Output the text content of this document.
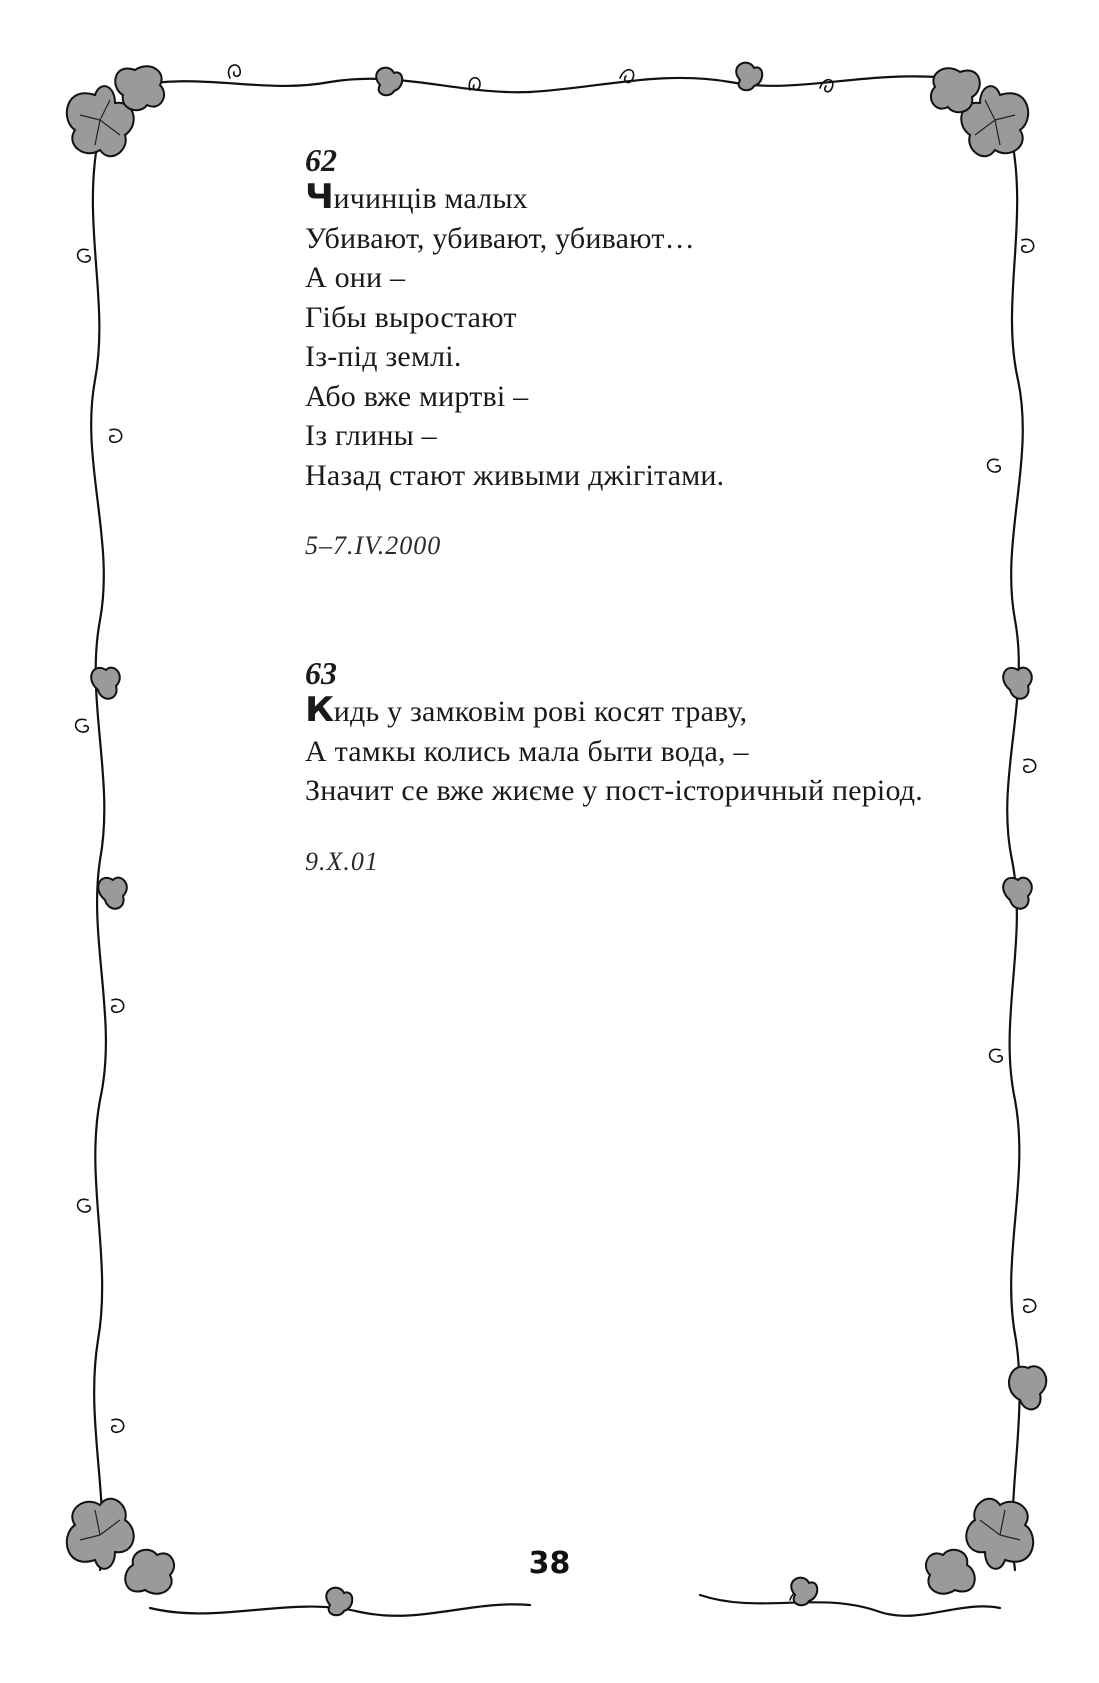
62

Чичинців малых
Убивают, убивают, убивают…
А они –
Гібы выростают
Із-під землі.
Або вже миртві –
Із глины –
Назад стают живыми джігітами.

5–7.IV.2000

63

Кидь у замковім рові косят траву,
А тамкы колись мала быти вода, –
Значит се вже жиєме у пост-історичный період.

9.X.01

38
